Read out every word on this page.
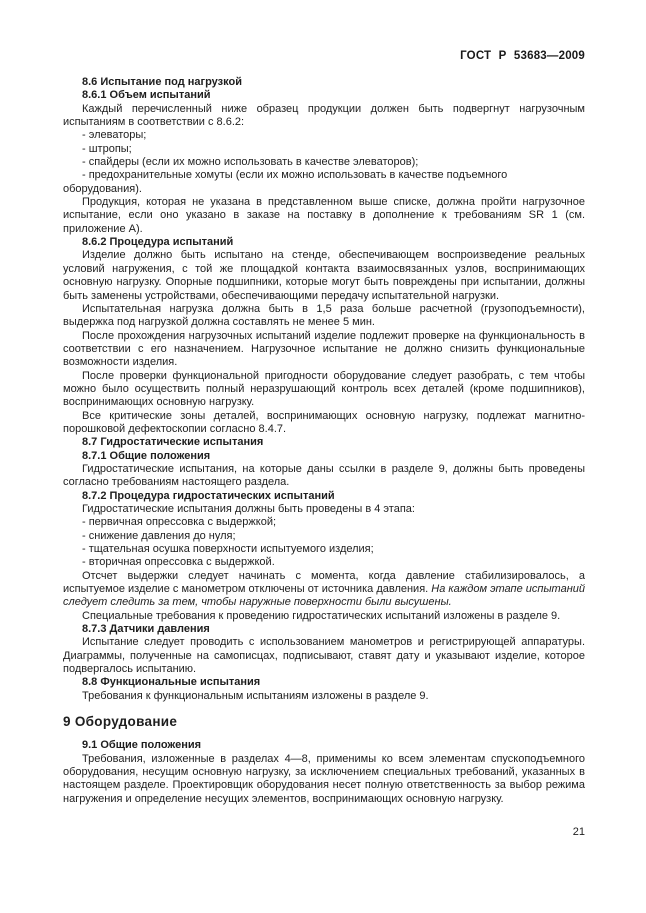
ГОСТ Р 53683—2009
8.6 Испытание под нагрузкой
8.6.1 Объем испытаний
Каждый перечисленный ниже образец продукции должен быть подвергнут нагрузочным испытаниям в соответствии с 8.6.2:
- элеваторы;
- штропы;
- спайдеры (если их можно использовать в качестве элеваторов);
- предохранительные хомуты (если их можно использовать в качестве подъемного оборудования).
Продукция, которая не указана в представленном выше списке, должна пройти нагрузочное испытание, если оно указано в заказе на поставку в дополнение к требованиям SR 1 (см. приложение А).
8.6.2 Процедура испытаний
Изделие должно быть испытано на стенде, обеспечивающем воспроизведение реальных условий нагружения, с той же площадкой контакта взаимосвязанных узлов, воспринимающих основную нагрузку. Опорные подшипники, которые могут быть повреждены при испытании, должны быть заменены устройствами, обеспечивающими передачу испытательной нагрузки.
Испытательная нагрузка должна быть в 1,5 раза больше расчетной (грузоподъемности), выдержка под нагрузкой должна составлять не менее 5 мин.
После прохождения нагрузочных испытаний изделие подлежит проверке на функциональность в соответствии с его назначением. Нагрузочное испытание не должно снизить функциональные возможности изделия.
После проверки функциональной пригодности оборудование следует разобрать, с тем чтобы можно было осуществить полный неразрушающий контроль всех деталей (кроме подшипников), воспринимающих основную нагрузку.
Все критические зоны деталей, воспринимающих основную нагрузку, подлежат магнитно-порошковой дефектоскопии согласно 8.4.7.
8.7 Гидростатические испытания
8.7.1 Общие положения
Гидростатические испытания, на которые даны ссылки в разделе 9, должны быть проведены согласно требованиям настоящего раздела.
8.7.2 Процедура гидростатических испытаний
Гидростатические испытания должны быть проведены в 4 этапа:
- первичная опрессовка с выдержкой;
- снижение давления до нуля;
- тщательная осушка поверхности испытуемого изделия;
- вторичная опрессовка с выдержкой.
Отсчет выдержки следует начинать с момента, когда давление стабилизировалось, а испытуемое изделие с манометром отключены от источника давления. На каждом этапе испытаний следует следить за тем, чтобы наружные поверхности были высушены.
Специальные требования к проведению гидростатических испытаний изложены в разделе 9.
8.7.3 Датчики давления
Испытание следует проводить с использованием манометров и регистрирующей аппаратуры. Диаграммы, полученные на самописцах, подписывают, ставят дату и указывают изделие, которое подвергалось испытанию.
8.8 Функциональные испытания
Требования к функциональным испытаниям изложены в разделе 9.
9 Оборудование
9.1 Общие положения
Требования, изложенные в разделах 4—8, применимы ко всем элементам спускоподъемного оборудования, несущим основную нагрузку, за исключением специальных требований, указанных в настоящем разделе. Проектировщик оборудования несет полную ответственность за выбор режима нагружения и определение несущих элементов, воспринимающих основную нагрузку.
21
